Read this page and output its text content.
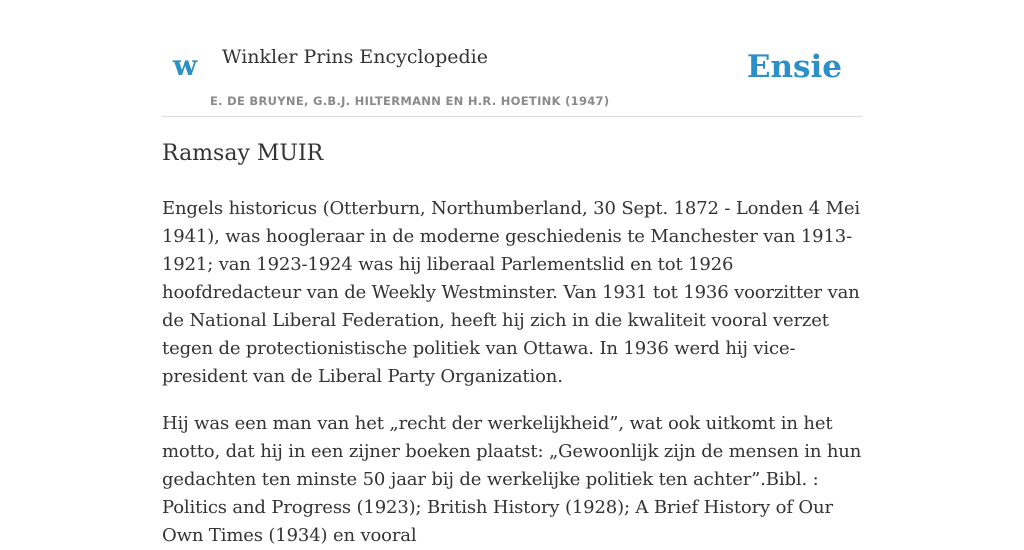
w Winkler Prins Encyclopedie
E. DE BRUYNE, G.B.J. HILTERMANN EN H.R. HOETINK (1947)
Ensie
Ramsay MUIR

Engels historicus (Otterburn, Northumberland, 30 Sept. 1872 - Londen 4 Mei 1941), was hoogleraar in de moderne geschiedenis te Manchester van 1913-1921; van 1923-1924 was hij liberaal Parlementslid en tot 1926 hoofdredacteur van de Weekly Westminster. Van 1931 tot 1936 voorzitter van de National Liberal Federation, heeft hij zich in die kwaliteit vooral verzet tegen de protectionistische politiek van Ottawa. In 1936 werd hij vice-president van de Liberal Party Organization.

Hij was een man van het „recht der werkelijkheid”, wat ook uitkomt in het motto, dat hij in een zijner boeken plaatst: „Gewoonlijk zijn de mensen in hun gedachten ten minste 50 jaar bij de werkelijke politiek ten achter”.Bibl. : Politics and Progress (1923); British History (1928); A Brief History of Our Own Times (1934) en vooral
